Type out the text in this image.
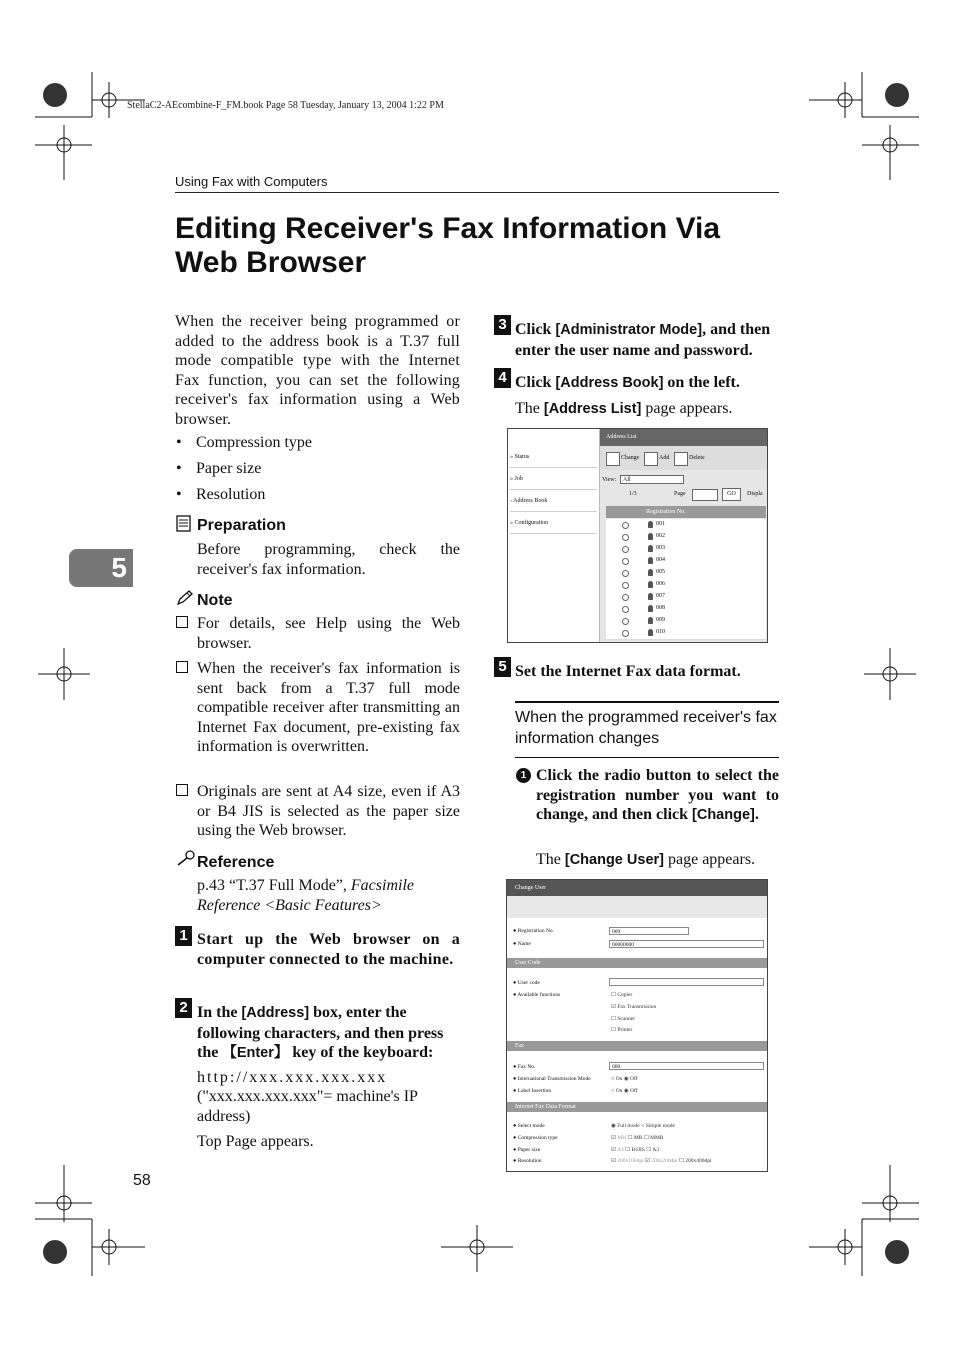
StellaC2-AEcombine-F_FM.book Page 58 Tuesday, January 13, 2004 1:22 PM
Using Fax with Computers
Editing Receiver's Fax Information Via
Web Browser
5
When the receiver being programmed or added to the address book is a T.37 full mode compatible type with the Internet Fax function, you can set the following receiver's fax information using a Web browser.
• Compression type
• Paper size
• Resolution
Preparation
Before programming, check the receiver's fax information.
Note
For details, see Help using the Web browser.
When the receiver's fax information is sent back from a T.37 full mode compatible receiver after transmitting an Internet Fax document, pre-existing fax information is overwritten.
Originals are sent at A4 size, even if A3 or B4 JIS is selected as the paper size using the Web browser.
Reference
p.43 “T.37 Full Mode”, Facsimile Reference <Basic Features>
1 Start up the Web browser on a computer connected to the machine.
2 In the [Address] box, enter the following characters, and then press the 【Enter】 key of the keyboard:
http://xxx.xxx.xxx.xxx
("xxx.xxx.xxx.xxx"= machine's IP address)
Top Page appears.
58
3 Click [Administrator Mode], and then enter the user name and password.
4 Click [Address Book] on the left.
The [Address List] page appears.
» Status
» Job
› Address Book
» Configuration
Address List
Change	Add	Delete
View:	All
1/3	Page	GO	Displa
Registration No.
001
002
003
004
005
006
007
008
009
010
5 Set the Internet Fax data format.
When the programmed receiver's fax information changes
1 Click the radio button to select the registration number you want to change, and then click [Change].
The [Change User] page appears.
Change User
● Registration No.	009
● Name	00000000
User Code
● User code
● Available functions	☐ Copier
☑ Fax Transmission
☐ Scanner
☐ Printer
Fax
● Fax No.	000
● International Transmission Mode	○ On ◉ Off
● Label Insertion	○ On ◉ Off
Internet Fax Data Format
● Select mode	◉ Full mode ○ Simple mode
● Compression type	☑ MH ☐ MR ☐ MMR
● Paper size	☑ A4 ☐ B4JIS ☐ A3
● Resolution	☑ 200x100dpi ☑ 200x200dpi ☐ 200x400dpi
